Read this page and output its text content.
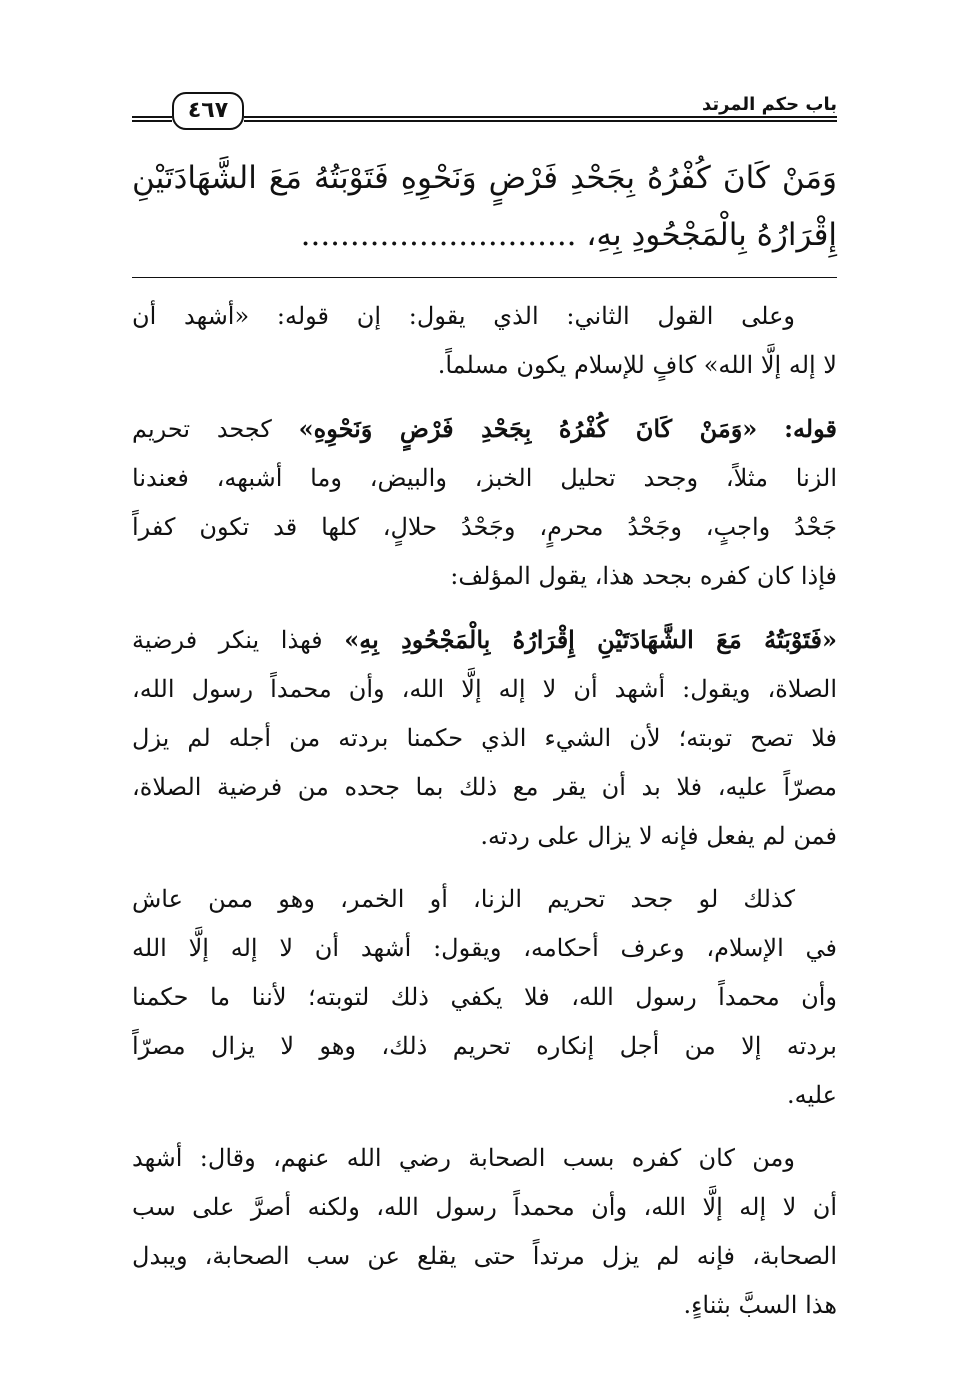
٤٦٧	باب حكم المرتد
وَمَنْ كَانَ كُفْرُهُ بِجَحْدِ فَرْضٍ وَنَحْوِهِ فَتَوْبَتُهُ مَعَ الشَّهَادَتَيْنِ
إِقْرَارُهُ بِالْمَجْحُودِ بِهِ، ............................
وعلى القول الثاني: الذي يقول: إن قوله: «أشهد أن
لا إله إلَّا الله» كافٍ للإسلام يكون مسلماً.
قوله: «وَمَنْ كَانَ كُفْرُهُ بِجَحْدِ فَرْضٍ وَنَحْوِهِ» كجحد تحريم
الزنا مثلاً، وجحد تحليل الخبز، والبيض، وما أشبهه، فعندنا
جَحْدُ واجبٍ، وجَحْدُ محرمٍ، وجَحْدُ حلالٍ، كلها قد تكون كفراً
فإذا كان كفره بجحد هذا، يقول المؤلف:
«فَتَوْبَتُهُ مَعَ الشَّهَادَتَيْنِ إِقْرَارُهُ بِالْمَجْحُودِ بِهِ» فهذا ينكر فرضية
الصلاة، ويقول: أشهد أن لا إله إلَّا الله، وأن محمداً رسول الله،
فلا تصح توبته؛ لأن الشيء الذي حكمنا بردته من أجله لم يزل
مصرّاً عليه، فلا بد أن يقر مع ذلك بما جحده من فرضية الصلاة،
فمن لم يفعل فإنه لا يزال على ردته.
كذلك لو جحد تحريم الزنا، أو الخمر، وهو ممن عاش
في الإسلام، وعرف أحكامه، ويقول: أشهد أن لا إله إلَّا الله
وأن محمداً رسول الله، فلا يكفي ذلك لتوبته؛ لأننا ما حكمنا
بردته إلا من أجل إنكاره تحريم ذلك، وهو لا يزال مصرّاً
عليه.
ومن كان كفره بسب الصحابة رضي الله عنهم، وقال: أشهد
أن لا إله إلَّا الله، وأن محمداً رسول الله، ولكنه أصرَّ على سب
الصحابة، فإنه لم يزل مرتداً حتى يقلع عن سب الصحابة، ويبدل
هذا السبَّ بثناءٍ.
